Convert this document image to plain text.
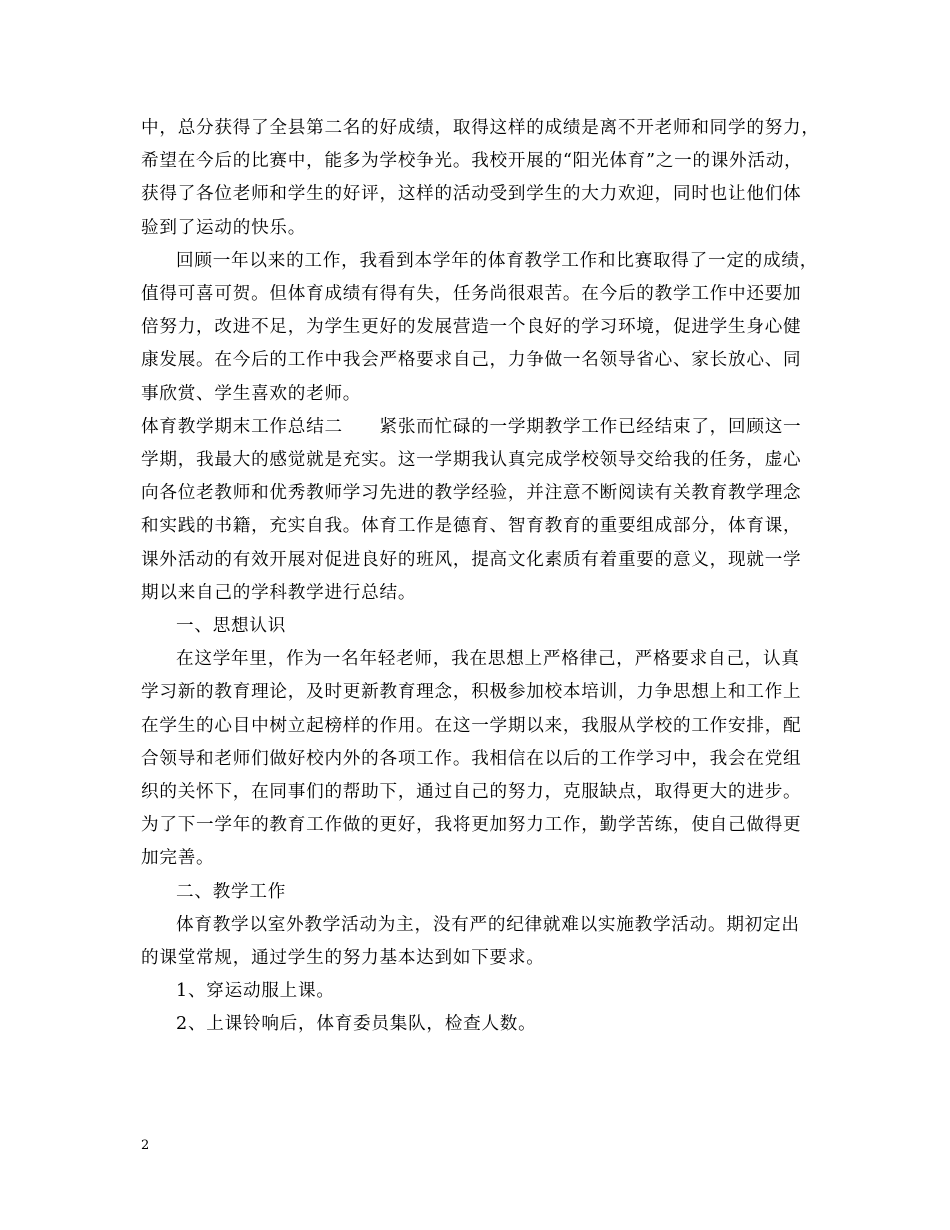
中，总分获得了全县第二名的好成绩，取得这样的成绩是离不开老师和同学的努力，

希望在今后的比赛中，能多为学校争光。我校开展的“阳光体育”之一的课外活动，

获得了各位老师和学生的好评，这样的活动受到学生的大力欢迎，同时也让他们体

验到了运动的快乐。

回顾一年以来的工作，我看到本学年的体育教学工作和比赛取得了一定的成绩，

值得可喜可贺。但体育成绩有得有失，任务尚很艰苦。在今后的教学工作中还要加

倍努力，改进不足，为学生更好的发展营造一个良好的学习环境，促进学生身心健

康发展。在今后的工作中我会严格要求自己，力争做一名领导省心、家长放心、同

事欣赏、学生喜欢的老师。

体育教学期末工作总结二　　紧张而忙碌的一学期教学工作已经结束了，回顾这一

学期，我最大的感觉就是充实。这一学期我认真完成学校领导交给我的任务，虚心

向各位老教师和优秀教师学习先进的教学经验，并注意不断阅读有关教育教学理念

和实践的书籍，充实自我。体育工作是德育、智育教育的重要组成部分，体育课，

课外活动的有效开展对促进良好的班风，提高文化素质有着重要的意义，现就一学

期以来自己的学科教学进行总结。

一、思想认识

在这学年里，作为一名年轻老师，我在思想上严格律己，严格要求自己，认真

学习新的教育理论，及时更新教育理念，积极参加校本培训，力争思想上和工作上

在学生的心目中树立起榜样的作用。在这一学期以来，我服从学校的工作安排，配

合领导和老师们做好校内外的各项工作。我相信在以后的工作学习中，我会在党组

织的关怀下，在同事们的帮助下，通过自己的努力，克服缺点，取得更大的进步。

为了下一学年的教育工作做的更好，我将更加努力工作，勤学苦练，使自己做得更

加完善。

二、教学工作

体育教学以室外教学活动为主，没有严的纪律就难以实施教学活动。期初定出

的课堂常规，通过学生的努力基本达到如下要求。

1、穿运动服上课。

2、上课铃响后，体育委员集队，检查人数。

2
